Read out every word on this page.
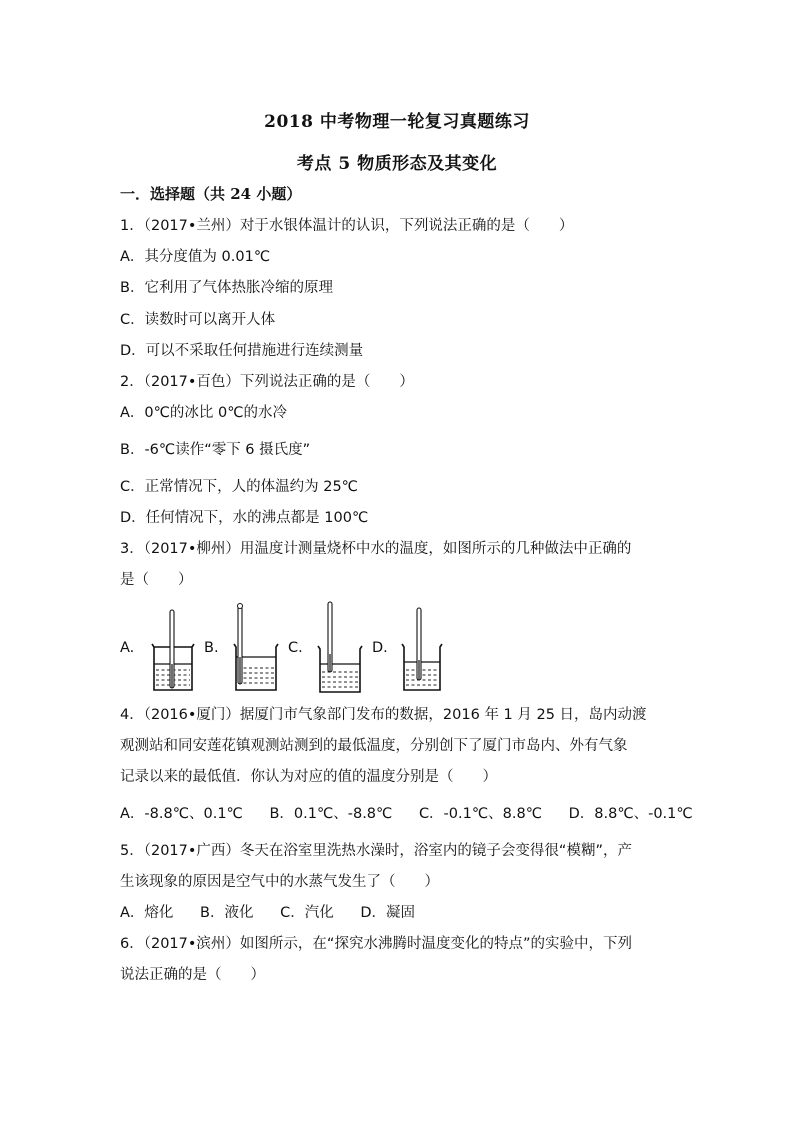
2018 中考物理一轮复习真题练习
考点 5 物质形态及其变化
一．选择题（共 24 小题）
1．（2017•兰州）对于水银体温计的认识，下列说法正确的是（　　）
A．其分度值为 0.01℃
B．它利用了气体热胀冷缩的原理
C．读数时可以离开人体
D．可以不采取任何措施进行连续测量
2．（2017•百色）下列说法正确的是（　　）
A．0℃的冰比 0℃的水冷
B．-6℃读作“零下 6 摄氏度”
C．正常情况下，人的体温约为 25℃
D．任何情况下，水的沸点都是 100℃
3．（2017•柳州）用温度计测量烧杯中水的温度，如图所示的几种做法中正确的
是（　　）
A.	B.	C.	D.
4．（2016•厦门）据厦门市气象部门发布的数据，2016 年 1 月 25 日，岛内动渡
观测站和同安莲花镇观测站测到的最低温度，分别创下了厦门市岛内、外有气象
记录以来的最低值．你认为对应的值的温度分别是（　　）
A．-8.8℃、0.1℃ B．0.1℃、-8.8℃ C．-0.1℃、8.8℃ D．8.8℃、-0.1℃
5．（2017•广西）冬天在浴室里洗热水澡时，浴室内的镜子会变得很“模糊”，产
生该现象的原因是空气中的水蒸气发生了（　　）
A．熔化 B．液化 C．汽化 D．凝固
6．（2017•滨州）如图所示，在“探究水沸腾时温度变化的特点”的实验中，下列
说法正确的是（　　）
